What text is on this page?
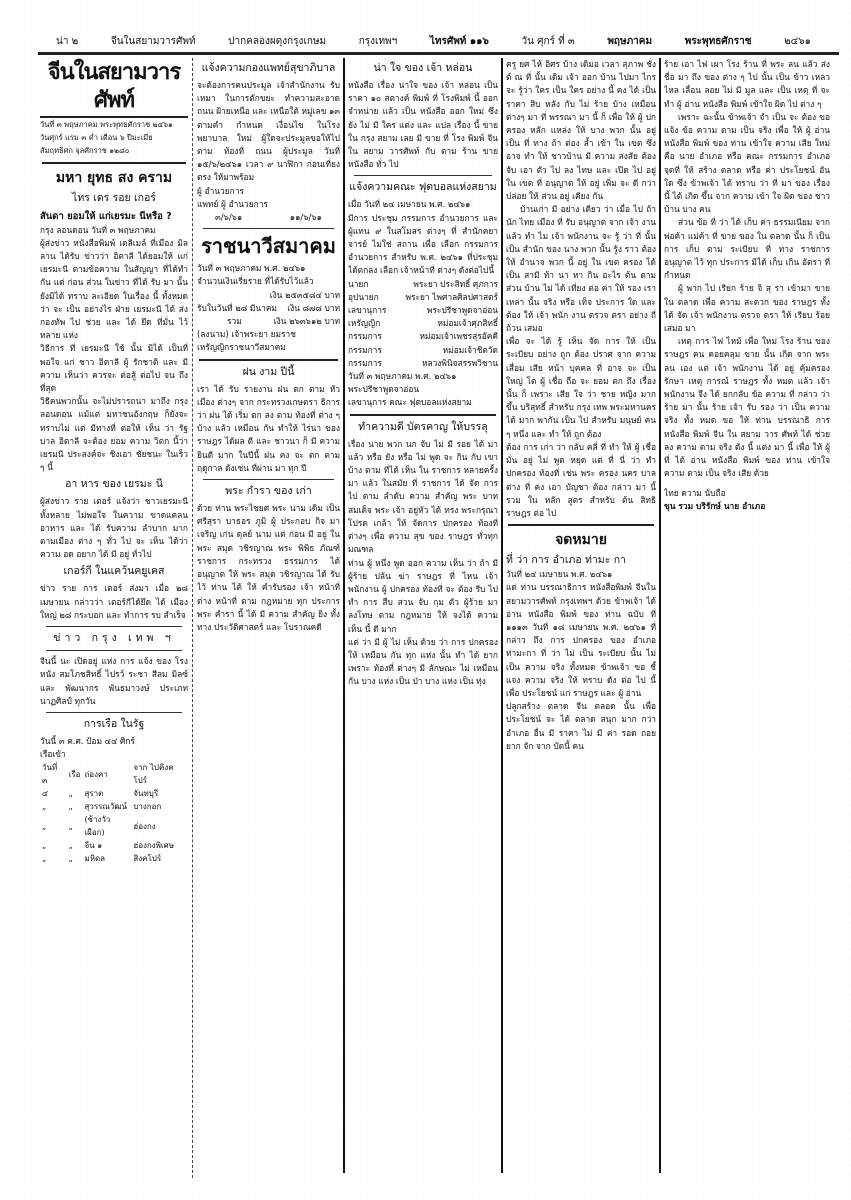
น่า ๒	จีนในสยามวารศัพท์	ปากคลองผดุงกรุงเกษม	กรุงเทพฯ	ไทรศัพท์ ๑๑๖	วัน ศุกร์ ที่ ๓	พฤษภาคม	พระพุทธศักราช	๒๔๖๑
จีนในสยามวารศัพท์

วันที่ ๓ พฤษภาคม พระพุทธศักราช ๒๔๖๑

วันศุกร์ แรม ๓ ค่ำ เดือน ๖ ปีมะเมีย

สัมฤทธิศก จุลศักราช ๑๒๘๐

มหา ยุทธ สง คราม
ไทร เดร รอย เกอร์

สันดา ยอมให้ แก่เยรมะ นีหรือ ?

กรุง ลอนดอน วันที่ ๓ พฤษภาคม

ผู้ส่งข่าว หนังสือพิมพ์ เดลีเมล์ ที่เมือง มิลลาน ได้รับ ข่าวว่า อิตาลี ได้ยอมให้ แก่ เยรมะนี ตามข้อความ ในสัญญา ที่ได้ทำกัน แต่ ก่อน ส่วน ในข่าว ที่ได้ รับ มา นั้น ยังมิได้ ทราบ ละเอียด ในเรื่อง นี้ ทั้งหมด ว่า จะ เป็น อย่างไร ฝ่าย เยรมะนี ได้ ส่ง กองทัพ ไป ช่วย และ ได้ ยึด ที่มั่น ไว้ หลาย แห่ง

วิธีการ ที่ เยรมะนี ใช้ นั้น มิได้ เป็นที่ พอใจ แก่ ชาว อิตาลี ผู้ รักชาติ และ มีความ เห็นว่า ควรจะ ต่อสู้ ต่อไป จน ถึง ที่สุด

วิธีคนพวกนั้น จะไม่ปรารถนา มาถึง กรุงลอนดอน แม้แต่ มหาชนอังกฤษ ก็ยังจะ ทราบไม่ แต่ มีทางที่ ต่อให้ เห็น ว่า รัฐ บาล อิตาลี จะต้อง ยอม ความ วิตก นี้ว่า เยรมนี ประสงค์จะ ชิงเอา ชัยชนะ ในเร็ว ๆ นี้

อา หาร ของ เยรมะ นี

ผู้ส่งข่าว ราย เตอร์ แจ้งว่า ชาวเยรมะนี ทั้งหลาย ไม่พอใจ ในความ ขาดแคลน อาหาร และ ได้ รับความ ลำบาก มาก ตามเมือง ต่าง ๆ ทั่ว ไป จะ เห็น ได้ว่า ความ อด อยาก ได้ มี อยู่ ทั่วไป

เกอร์กี ในแคว้นคยูเคส

ข่าว ราย การ เตอร์ ส่งมา เมื่อ ๒๘ เมษายน กล่าวว่า เตอร์กีได้ยึด ได้ เมืองใหญ่ ๒๘ กระบอก และ ทำการ รบ สำเร็จ

ข่าว กรุง เทพ ฯ

จีนนี้ นะ เปิดอยู่ แห่ง การ แจ้ง ของ โรงหนัง สมโภชสิทธิ์ ไปรว์ ระชา สีลม มิลซ์ และ พัฒนากร พันธมาวงษ์ ประเภท นาฏศิลป์ ทุกวัน

การเรือ ในรัฐ

วันนี้ ๓ ค.ศ. ป้อม ๔๔ ศิกร์

เรือเข้า

วันที่ ๓	เรือ	ถ่องคา	จาก ไปคิงคโปร์
๔	„	สุราต	จันทบุรี
„	„	สุวรรณวัฒน์	บางกอก
„	„	(ช้างวัวเผือก)	ฮ่องกง
„	„	จีน ๑	ฮ่องกงพิเศษ
„	„	มหิดล	สิงคโปร์
แจ้งความกองแพทย์สุขาภิบาล

จะต้องการคนประมูล เจ้าสำนักงาน รับเหมา ในการตักขยะ ทำความสะอาด ถนน ฝ้ายเหนือ และ เหนือใต้ หมู่เลข ๑๓ ตามคำ กำหนด เงื่อนไข ในโรง พยาบาล ใหม่ ผู้ใดจะประมูลขอให้ไปตาม ท้องที่ ถนน ผู้ประมูล วันที่ ๑๕/๖/๒๔๖๑ เวลา ๙ นาฬิกา ก่อนเที่ยง ตรง ให้มาพร้อม

ผู้ อำนวยการ

แพทย์ ผู้ อำนวยการ

๓/๖/๖๑	๑๑/๖/๖๑
ราชนาวีสมาคม

วันที่ ๓ พฤษภาคม พ.ศ. ๒๔๖๑

จำนวนเงินเรี่ยราย ที่ได้รับไว้แล้ว

เงิน ๒๕๓๕๘๔ บาท
รับในวันที่ ๒๘ มีนาคม เงิน ๘๗๘ บาท
รวม	เงิน ๒๖๓๖๑๒ บาท

(ลงนาม) เจ้าพระยา ยมราช

เหรัญญิกราชนาวีสมาคม

ฝน งาม ปีนี้

เรา ได้ รับ รายงาน ฝน ตก ตาม หัวเมือง ต่างๆ จาก กระทรวงเกษตรา ธิการ ว่า ฝน ได้ เริ่ม ตก ลง ตาม ท้องที่ ต่าง ๆ บ้าง แล้ว เหมือน กัน ทำให้ ไร่นา ของ ราษฎร ได้ผล ดี และ ชาวนา ก็ มี ความ ยินดี มาก ในปีนี้ ฝน คง จะ ตก ตาม ฤดูกาล ดังเช่น ที่ผ่าน มา ทุก ปี

พระ กำรา ของ เก่า

ด้วย ท่าน พระไชยศ พระ นาม เดิม เป็น ศรีสุรา บาธอร ภูมิ ผู้ ประกอบ กิจ มา เจริญ เก่น ดุลย์ นาม แต่ ก่อน มี อยู่ ใน พระ สมุด วชิรญาณ พระ พิพิธ ภัณฑ์ ราชการ กระทรวง ธรรมการ ได้ อนุญาต ให้ พระ สมุด วชิรญาณ ได้ รับ ไว้ ท่าน ได้ ให้ คำรับรอง เจ้า หน้าที่ ต่าง หน้าที่ ตาม กฎหมาย ทุก ประการ พระ คำรา นี้ ได้ มี ความ สำคัญ ยิ่ง ทั้ง ทาง ประวัติศาสตร์ และ โบราณคดี

น่า ใจ ของ เจ้า หล่อน

หนังสือ เรื่อง น่าใจ ของ เจ้า หล่อน เป็น ราคา ๑๐ สตางค์ พิมพ์ ที่ โรงพิมพ์ นี้ ออก จำหน่าย แล้ว เป็น หนังสือ ออก ใหม่ ซึ่ง ยัง ไม่ มี ใคร แต่ง และ แปล เรื่อง นี้ ขาย ใน กรุง สยาม เลย มี ขาย ที่ โรง พิมพ์ จีน ใน สยาม วารศัพท์ กับ ตาม ร้าน ขาย หนังสือ ทั่ว ไป

แจ้งความคณะ ฟุตบอลแห่งสยาม

เมื่อ วันที่ ๒๔ เมษายน พ.ศ. ๒๔๖๑

มีการ ประชุม กรรมการ อำนวยการ และ ผู้แทน ๙ ในสโมสร ต่างๆ ที่ สำนักคยา จารย์ ไม่ใช่ สถาน เพื่อ เลือก กรรมการ อำนวยการ สำหรับ พ.ศ. ๒๔๖๑ ที่ประชุมได้ตกลง เลือก เจ้าหน้าที่ ต่างๆ ดังต่อไปนี้

นายก	พระยา ประสิทธิ์ ศุภการ
อุปนายก	พระยา ไพศาลศิลปศาสตร์
เลขานุการ	พระปรีชาพูดจาอ่อน
เหรัญญิก	หม่อมเจ้าศุภสิทธิ์
กรรมการ	หม่อมเจ้าเพชรสุรอัคคี
กรรมการ	หม่อมเจ้าชิตวัด
กรรมการ	หลวงพินิจสรรพวิชาน

วันที่ ๓ พฤษภาคม พ.ศ. ๒๔๖๑

พระปรีชาพูดจาอ่อน

เลขานุการ คณะ ฟุตบอลแห่งสยาม

ทำความดี บัตรคาญ ให้บรรลุ

เรื่อง นาย พวก นก จับ ไม่ มี รอย ได้ มา แล้ว หรือ ยัง หรือ ไม่ พูด จะ กิน กับ เขาบ้าง ตาม ที่ได้ เห็น ใน ราชการ หลายครั้ง มา แล้ว ในสมัย ที่ ราชการ ได้ จัด การ ไป ตาม ลำดับ ความ สำคัญ พระ บาท สมเด็จ พระ เจ้า อยู่หัว ได้ ทรง พระกรุณา โปรด เกล้า ให้ จัดการ ปกครอง ท้องที่ ต่างๆ เพื่อ ความ สุข ของ ราษฎร ทั่วทุก มณฑล

ท่าน ผู้ หนึ่ง พูด ออก ความ เห็น ว่า ถ้า มี ผู้ร้าย ปล้น ฆ่า ราษฎร ที่ ไหน เจ้า พนักงาน ผู้ ปกครอง ท้องที่ จะ ต้อง รีบ ไป ทำ การ สืบ สวน จับ กุม ตัว ผู้ร้าย มา ลงโทษ ตาม กฎหมาย ให้ จงได้ ความ เห็น นี้ ดี มาก

แต่ ว่า มี ผู้ ไม่ เห็น ด้วย ว่า การ ปกครอง ให้ เหมือน กัน ทุก แห่ง นั้น ทำ ได้ ยาก เพราะ ท้องที่ ต่างๆ มี ลักษณะ ไม่ เหมือน กัน บาง แห่ง เป็น ป่า บาง แห่ง เป็น ทุ่ง

ครู ยศ ไห้ อิศร บ้าง เดิมอ เวลา สุภาพ ชั่งต์ ณ ที่ นั้น เดิม เจ้า ออก บ้าน ไปมา ไกร จะ รู้ว่า ใคร เป็น ใคร อย่าง นี้ คง ได้ เป็น ราคา สิบ หลัง กับ ไม่ ร้าย บ้าง เหมือน ต่างๆ มา ที่ พรรณา มา นี้ ก็ เพื่อ ให้ ผู้ ปก ครอง หลัก แหล่ง ให้ บาง พวก นั้น อยู่ เป็น ที่ ทาง ถ้า ต่อง ล้ำ เข้า ใน เขต ซึ่ง อาจ ทำ ให้ ชาวบ้าน มี ความ สงสัย ต้อง จับ เอา ตัว ไป ลง ไทษ และ เปิด ไป อยู่ ใน เขต ที่ อนุญาต ให้ อยู่ เพิ่ม จะ ดี กว่า ปล่อย ให้ ส่วน อยู่ เคียง กัน

บ้านเก่า มี อย่าง เดียว ว่า เมื่อ ไป ถ้า นัก ไทย เมือง ที่ รับ อนุญาต จาก เจ้า งาน แล้ว ทำ ไม เจ้า พนักงาน จะ รู้ ว่า ที่ นั้น เป็น สำนัก ของ นาง พวก นั้น รู้ง ราว ต้อง ให้ อำนาจ พวก นี้ อยู่ ใน เขต ครอง ได้ เป็น สามี ท้า นา หา กิน อะไร ต้น ตาม ส่วน บ้าน ไม่ ได้ เที่ยง ต่อ ค่า ให้ รอง เรา เหล่า นั้น จริง หรือ เท็จ ประการ ใด และ ต้อง ให้ เจ้า พนัก งาน ตรวจ ตรา อย่าง ถี่ ถ้วน เสมอ

เพื่อ จะ ได้ รู้ เห็น จัด การ ให้ เป็น ระเบียบ อย่าง ถูก ต้อง ปราศ จาก ความ เสื่อม เสีย หน้า บุคคล ที่ อาจ จะ เป็น ใหญ่ โต ผู้ เชื่อ ถือ จะ ยอม ตก ถึง เรื่อง นั้น ก็ เพราะ เสีย ใจ ว่า ชาย หญิง มาก ขึ้น บริสุทธิ์ สำหรับ กรุง เทพ พระมหานคร ได้ มาก พากัน เป็น ไป สำหรับ มนุษย์ คน ๆ หนึ่ง และ ทำ ให้ ถูก ต้อง

ต้อง การ เก่า ว่า กลับ คลี่ ที่ ทำ ให้ ผู้ เชื่อ มั่น อยู่ ไม่ พูด หยุด แต่ ที่ นี่ ว่า ทำ ปกครอง ท้องที่ เช่น พระ ครอง นคร บาล ต่าง ที่ คง เอา บัญชา ต้อง กล่าว มา นี้ รวม ใน หลัก สูตร สำหรับ ต้น สิทธิ ราษฎร ต่อ ไป

จดหมาย

ที่ ว่า การ อำเภอ ท่ามะ กา

วันที่ ๒๔ เมษายน พ.ศ. ๒๔๖๑

แด่ ท่าน บรรณาธิการ หนังสือพิมพ์ จีนในสยามวารศัพท์ กรุงเทพฯ ด้วย ข้าพเจ้า ได้ อ่าน หนังสือ พิมพ์ ของ ท่าน ฉบับ ที่ ๑๑๑๓ วันที่ ๑๘ เมษายน พ.ศ. ๒๔๖๑ ที่ กล่าว ถึง การ ปกครอง ของ อำเภอ ท่ามะกา ที่ ว่า ไม่ เป็น ระเบียบ นั้น ไม่ เป็น ความ จริง ทั้งหมด ข้าพเจ้า ขอ ชี้ แจง ความ จริง ให้ ทราบ ดัง ต่อ ไป นี้ เพื่อ ประโยชน์ แก่ ราษฎร และ ผู้ อ่าน

ปลูกสร้าง ตลาด จีน ตลอด นั้น เพื่อ ประโยชน์ จะ ได้ ตลาด สนุก มาก กว่า อำเภอ อื่น มี ราคา ไม่ มี ค่า รอด ถอย ยาก จัก จาก บัดนี้ คน

ร้าย เอา ไฟ เผา โรง ร้าน ที่ พระ ลน แล้ว ส่ง ชื่อ มา ถึง ของ ต่าง ๆ ไป นั้น เป็น ข้าว เหลว ไหล เลื่อน ลอย ไม่ มี มูล และ เป็น เหตุ ที่ จะ ทำ ผู้ อ่าน หนังสือ พิมพ์ เข้าใจ ผิด ไป ต่าง ๆ

เพราะ ฉะนั้น ข้าพเจ้า จำ เป็น จะ ต้อง ขอ แจ้ง ข้อ ความ ตาม เป็น จริง เพื่อ ให้ ผู้ อ่าน หนังสือ พิมพ์ ของ ท่าน เข้าใจ ความ เสีย ใหม่ คือ นาย อำเภอ หรือ คณะ กรรมการ อำเภอ จุดที่ ให้ สร้าง ตลาด หรือ ค่า ประโยชน์ อัน ใด ซึ่ง ข้าพเจ้า ได้ ทราบ ว่า ที่ มา ของ เรื่อง นี้ ได้ เกิด ขึ้น จาก ความ เข้า ใจ ผิด ของ ชาว บ้าน บาง คน

ส่วน ข้อ ที่ ว่า ได้ เก็บ ค่า ธรรมเนียม จาก พ่อค้า แม่ค้า ที่ ขาย ของ ใน ตลาด นั้น ก็ เป็น การ เก็บ ตาม ระเบียบ ที่ ทาง ราชการ อนุญาต ไว้ ทุก ประการ มิได้ เก็บ เกิน อัตรา ที่ กำหนด

ผู้ พาก ไป เรียก ร้าย จิ สุ รา เข้ามา ขาย ใน ตลาด เพื่อ ความ สะดวก ของ ราษฎร ทั้ง ได้ จัด เจ้า พนักงาน ตรวจ ตรา ให้ เรียบ ร้อย เสมอ มา

เหตุ การ ไฟ ไหม้ เพื่อ ใหม่ โรง ร้าน ของ ราษฎร คน คอยคลุม ขาย นั้น เกิด จาก พระ ลน เอง แต่ เจ้า พนักงาน ได้ อยู่ คุ้มครอง รักษา เหตุ การณ์ ราษฎร ทั้ง หมด แล้ว เจ้า พนักงาน จึง ได้ ยกกลับ ข้อ ความ ที่ กล่าว ว่า ร้าย มา นั้น ร้าย เจ้า รับ รอง ว่า เป็น ความ จริง ทั้ง หมด ขอ ให้ ท่าน บรรณาธิ การ หนังสือ พิมพ์ จีน ใน สยาม วาร ศัพท์ ได้ ช่วย ลง ความ ตาม จริง ดัง นี้ แต่ง มา นี้ เพื่อ ให้ ผู้ ที่ ได้ อ่าน หนังสือ พิมพ์ ของ ท่าน เข้าใจ ความ ตาม เป็น จริง เสีย ด้วย

ไทย ความ นับถือ

ขุน รวม บริรักษ์ นาย อำเภอ
